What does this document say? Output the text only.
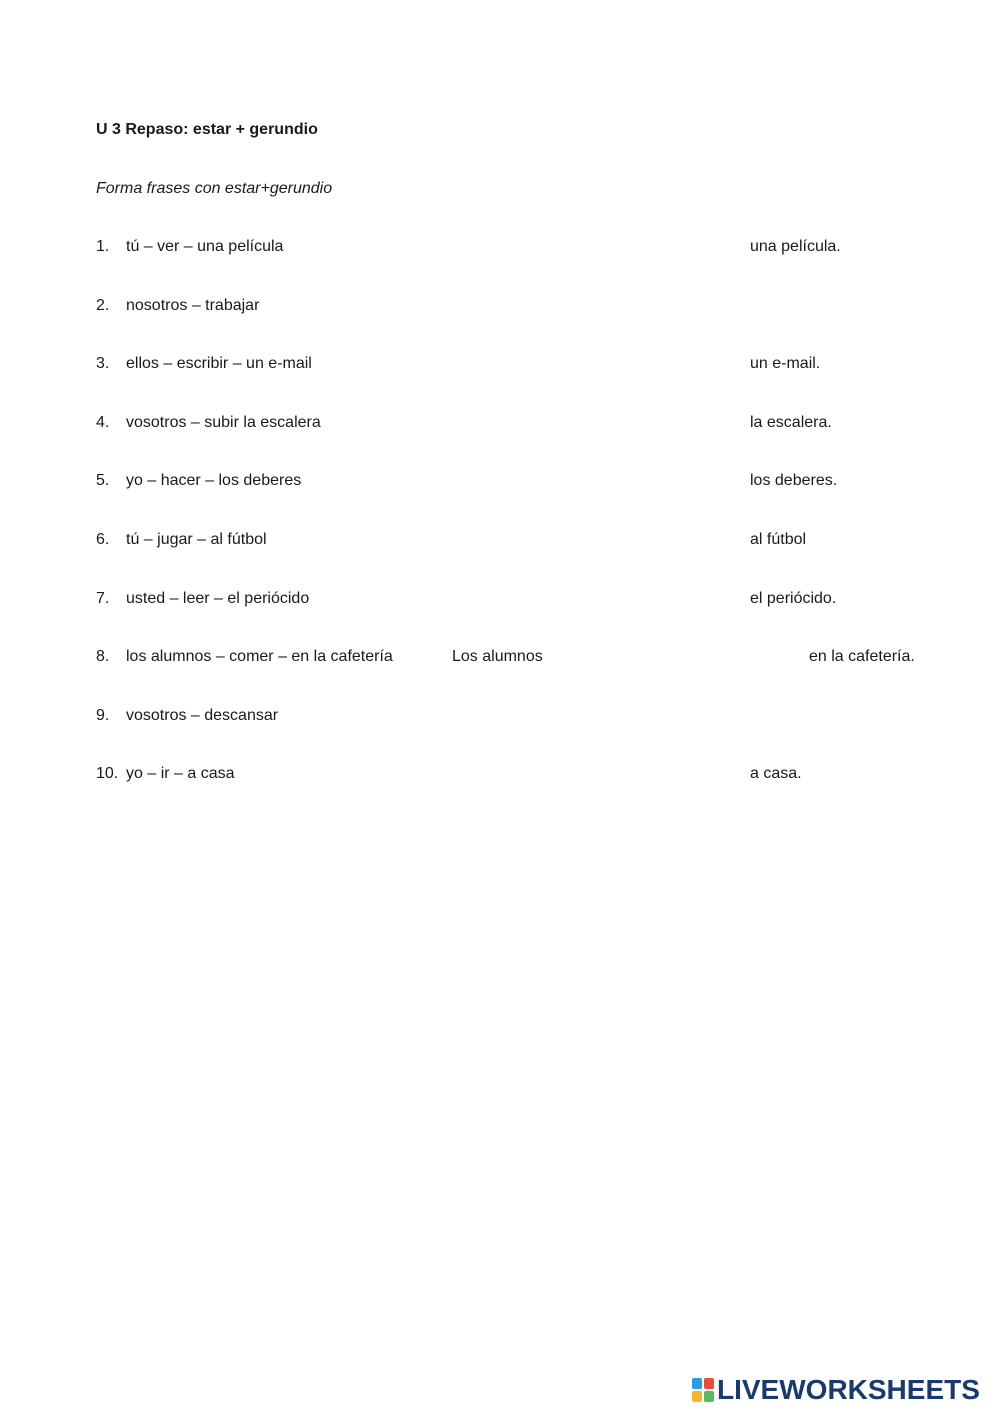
U 3 Repaso: estar + gerundio
Forma frases con estar+gerundio
1. tú – ver – una película	una película.
2. nosotros – trabajar
3. ellos – escribir – un e-mail	un e-mail.
4. vosotros – subir la escalera	la escalera.
5. yo – hacer – los deberes	los deberes.
6. tú – jugar – al fútbol	al fútbol
7. usted – leer – el periócido	el periócido.
8. los alumnos – comer – en la cafetería	Los alumnos	en la cafetería.
9. vosotros – descansar
10. yo – ir – a casa	a casa.
LIVEWORKSHEETS
